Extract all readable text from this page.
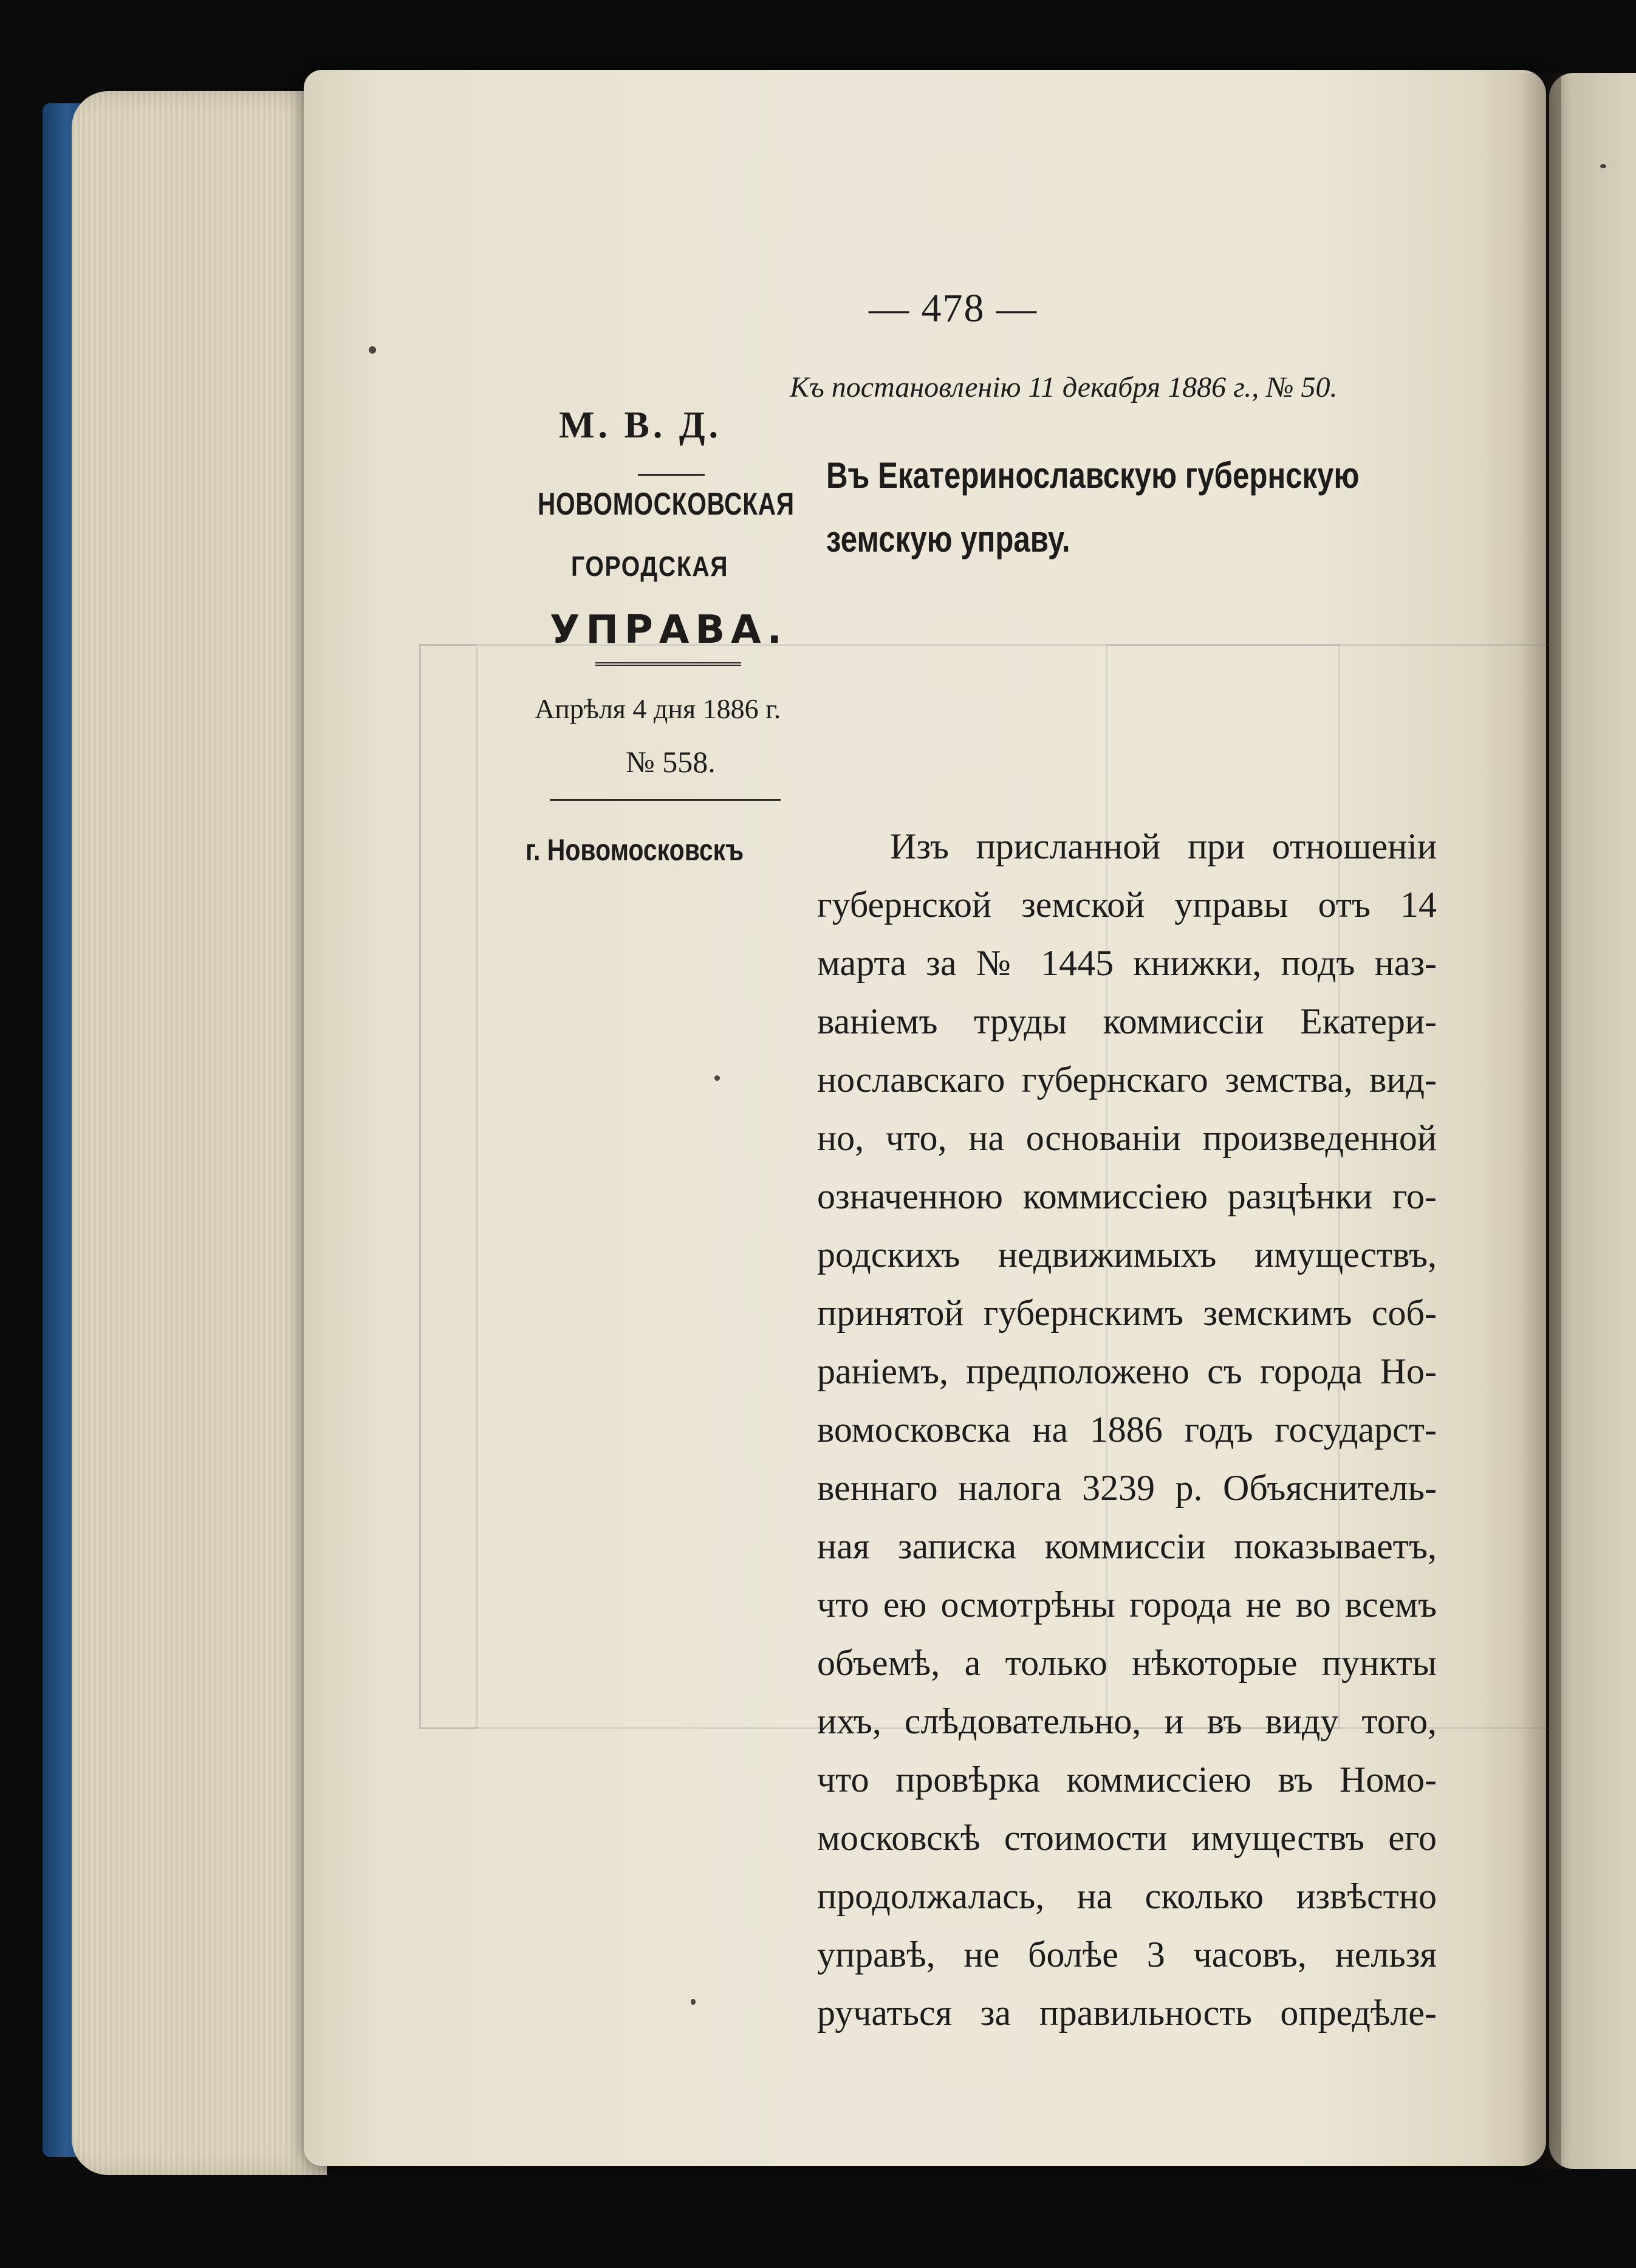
— 478 —
Къ постановленію 11 декабря 1886 г., № 50.
М. В. Д.
НОВОМОСКОВСКАЯ
ГОРОДСКАЯ
УПРАВА.
Апрѣля 4 дня 1886 г.
№ 558.
г. Новомосковскъ
Въ Екатеринославскую губернскую
земскую управу.
Изъ присланной при отношеніи
губернской земской управы отъ 14
марта за № 1445 книжки, подъ наз-
ваніемъ труды коммиссіи Екатери-
нославскаго губернскаго земства, вид-
но, что, на основаніи произведенной
означенною коммиссіею разцѣнки го-
родскихъ недвижимыхъ имуществъ,
принятой губернскимъ земскимъ соб-
раніемъ, предположено съ города Но-
вомосковска на 1886 годъ государст-
веннаго налога 3239 р. Объяснитель-
ная записка коммиссіи показываетъ,
что ею осмотрѣны города не во всемъ
объемѣ, а только нѣкоторые пункты
ихъ, слѣдовательно, и въ виду того,
что провѣрка коммиссіею въ Номо-
московскѣ стоимости имуществъ его
продолжалась, на сколько извѣстно
управѣ, не болѣе 3 часовъ, нельзя
ручаться за правильность опредѣле-
